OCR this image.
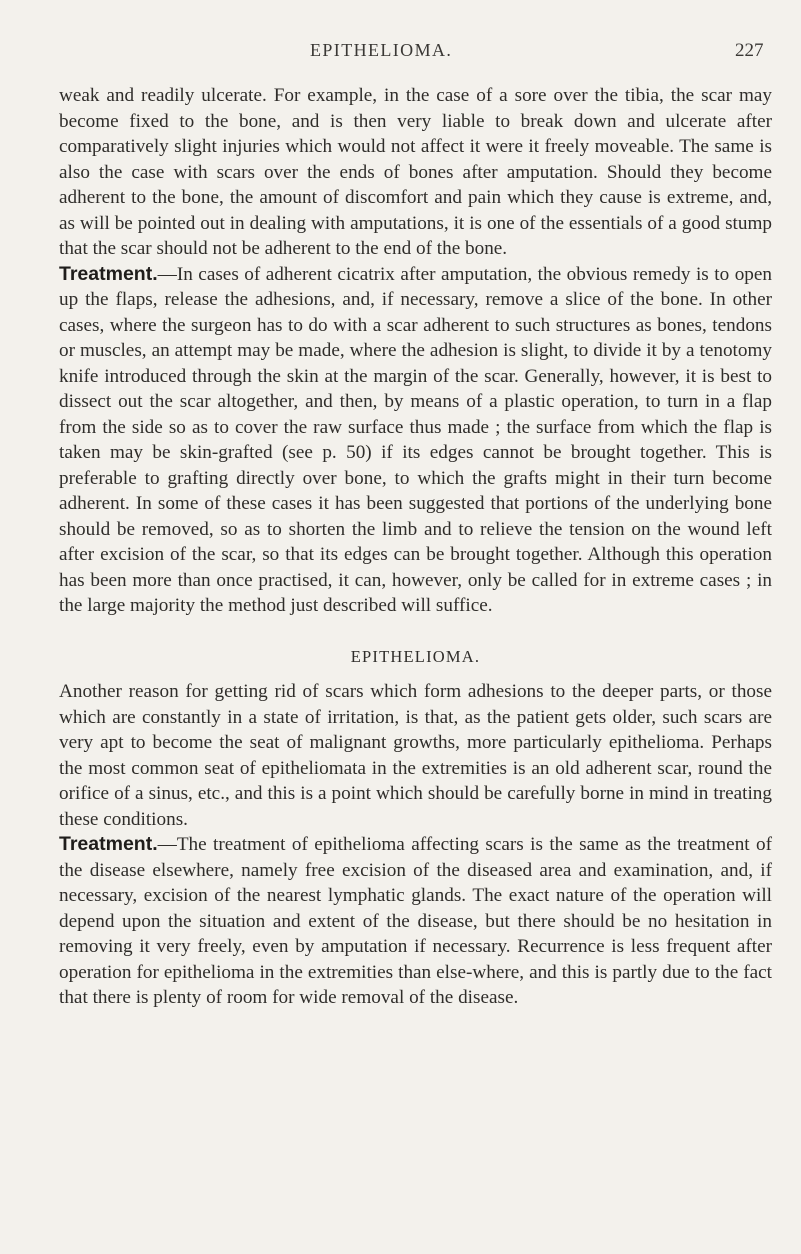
EPITHELIOMA.	227

weak and readily ulcerate. For example, in the case of a sore over the tibia, the scar may become fixed to the bone, and is then very liable to break down and ulcerate after comparatively slight injuries which would not affect it were it freely moveable. The same is also the case with scars over the ends of bones after amputation. Should they become adherent to the bone, the amount of discomfort and pain which they cause is extreme, and, as will be pointed out in dealing with amputations, it is one of the essentials of a good stump that the scar should not be adherent to the end of the bone.

Treatment.—In cases of adherent cicatrix after amputation, the obvious remedy is to open up the flaps, release the adhesions, and, if necessary, remove a slice of the bone. In other cases, where the surgeon has to do with a scar adherent to such structures as bones, tendons or muscles, an attempt may be made, where the adhesion is slight, to divide it by a tenotomy knife introduced through the skin at the margin of the scar. Generally, however, it is best to dissect out the scar altogether, and then, by means of a plastic operation, to turn in a flap from the side so as to cover the raw surface thus made ; the surface from which the flap is taken may be skin-grafted (see p. 50) if its edges cannot be brought together. This is preferable to grafting directly over bone, to which the grafts might in their turn become adherent. In some of these cases it has been suggested that portions of the underlying bone should be removed, so as to shorten the limb and to relieve the tension on the wound left after excision of the scar, so that its edges can be brought together. Although this operation has been more than once practised, it can, however, only be called for in extreme cases ; in the large majority the method just described will suffice.

EPITHELIOMA.

Another reason for getting rid of scars which form adhesions to the deeper parts, or those which are constantly in a state of irritation, is that, as the patient gets older, such scars are very apt to become the seat of malignant growths, more particularly epithelioma. Perhaps the most common seat of epitheliomata in the extremities is an old adherent scar, round the orifice of a sinus, etc., and this is a point which should be carefully borne in mind in treating these conditions.

Treatment.—The treatment of epithelioma affecting scars is the same as the treatment of the disease elsewhere, namely free excision of the diseased area and examination, and, if necessary, excision of the nearest lymphatic glands. The exact nature of the operation will depend upon the situation and extent of the disease, but there should be no hesitation in removing it very freely, even by amputation if necessary. Recurrence is less frequent after operation for epithelioma in the extremities than else-where, and this is partly due to the fact that there is plenty of room for wide removal of the disease.
